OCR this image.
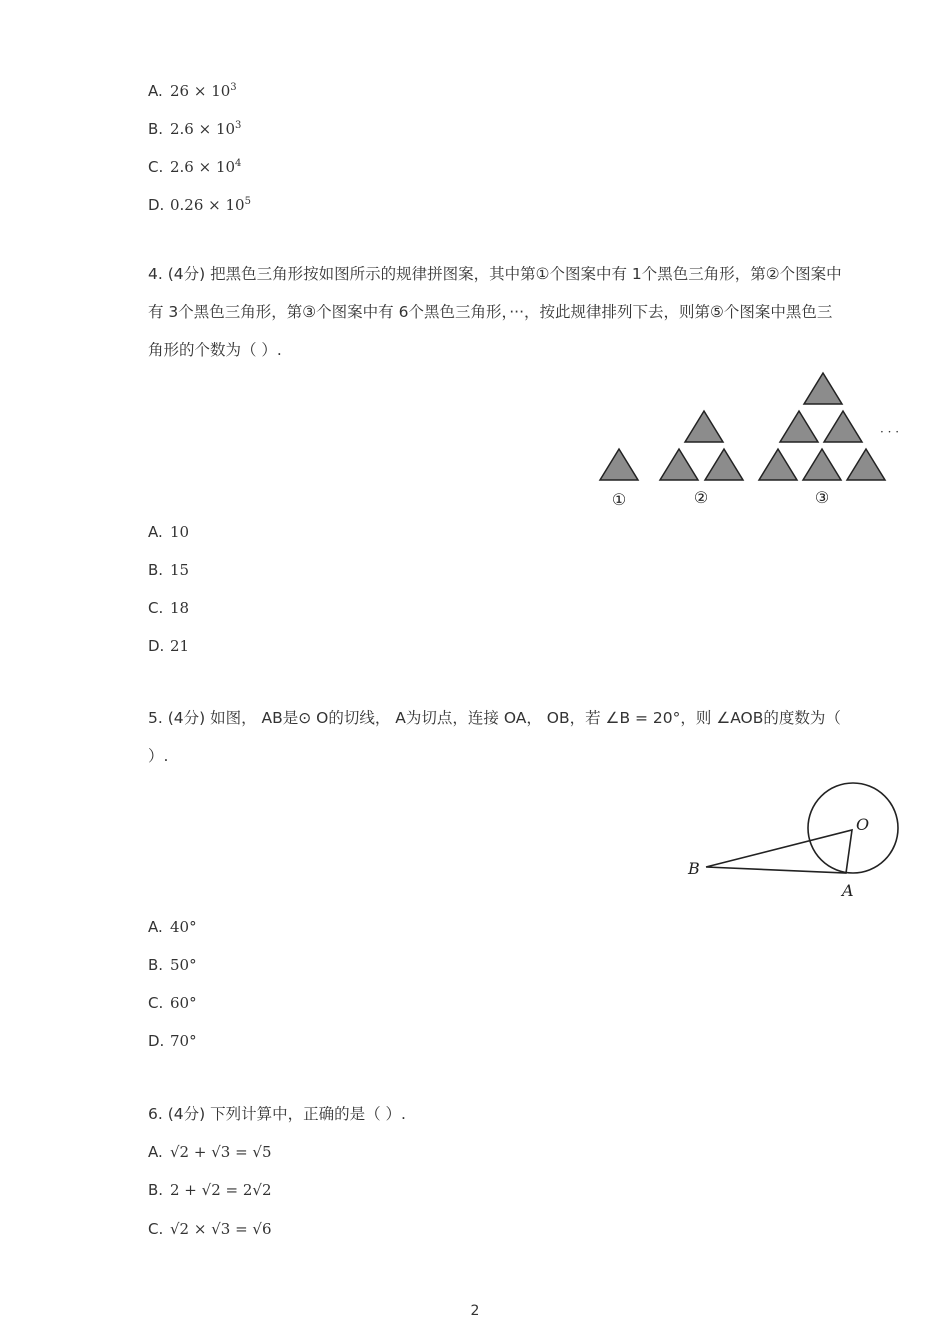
A. $26 \times 10^3$
B. $2.6 \times 10^3$
C. $2.6 \times 10^4$
D. $0.26 \times 10^5$
4. (4分) 把黑色三角形按如图所示的规律拼图案，其中第①个图案中有 1个黑色三角形，第②个图案中
有 3个黑色三角形，第③个图案中有 6个黑色三角形，···，按此规律排列下去，则第⑤个图案中黑色三
角形的个数为（ ）.
· · ·
①	②	③
A. 10
B. 15
C. 18
D. 21
5. (4分) 如图， AB是⊙ O的切线， A为切点，连接 OA， OB，若 ∠B = 20°，则 ∠AOB的度数为（
）.
O
A
B
A. 40°
B. 50°
C. 60°
D. 70°
6. (4分) 下列计算中，正确的是（ ）.
A. √2 + √3 = √5
B. 2 + √2 = 2√2
C. √2 × √3 = √6
2
